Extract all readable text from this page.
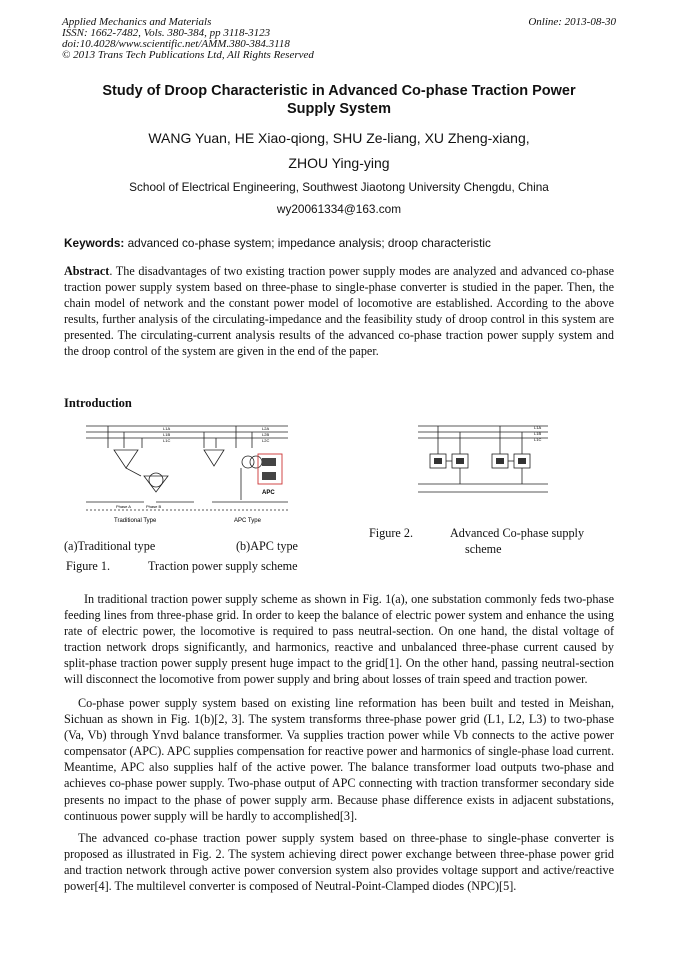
Applied Mechanics and Materials	Online: 2013-08-30
ISSN: 1662-7482, Vols. 380-384, pp 3118-3123
doi:10.4028/www.scientific.net/AMM.380-384.3118
© 2013 Trans Tech Publications Ltd, All Rights Reserved
Study of Droop Characteristic in Advanced Co-phase Traction Power
Supply System
WANG Yuan, HE Xiao-qiong, SHU Ze-liang, XU Zheng-xiang,
ZHOU Ying-ying
School of Electrical Engineering, Southwest Jiaotong University Chengdu, China
wy20061334@163.com
Keywords: advanced co-phase system; impedance analysis; droop characteristic
Abstract. The disadvantages of two existing traction power supply modes are analyzed and advanced co-phase traction power supply system based on three-phase to single-phase converter is studied in the paper. Then, the chain model of network and the constant power model of locomotive are established. According to the above results, further analysis of the circulating-impedance and the feasibility study of droop control in this system are presented. The circulating-current analysis results of the advanced co-phase traction power supply system and the droop control of the system are given in the end of the paper.
Introduction
L1A
L1B
L1C
L2A
L2B
L2C
APC
Phase A	Phase B
Traditional Type	APC Type
(a)Traditional type	(b)APC type
Figure 1.	Traction power supply scheme
L1A
L1B
L1C
Figure 2.	Advanced Co-phase supply
scheme
In traditional traction power supply scheme as shown in Fig. 1(a), one substation commonly feds two-phase feeding lines from three-phase grid. In order to keep the balance of electric power system and enhance the using rate of electric power, the locomotive is required to pass neutral-section. On one hand, the distal voltage of traction network drops significantly, and harmonics, reactive and unbalanced three-phase current caused by split-phase traction power supply present huge impact to the grid[1]. On the other hand, passing neutral-section will disconnect the locomotive from power supply and bring about losses of train speed and traction power.
Co-phase power supply system based on existing line reformation has been built and tested in Meishan, Sichuan as shown in Fig. 1(b)[2, 3]. The system transforms three-phase power grid (L1, L2, L3) to two-phase (Va, Vb) through Ynvd balance transformer. Va supplies traction power while Vb connects to the active power compensator (APC). APC supplies compensation for reactive power and harmonics of single-phase load current. Meantime, APC also supplies half of the active power. The balance transformer load outputs two-phase and achieves co-phase power supply. Two-phase output of APC connecting with traction transformer secondary side presents no impact to the phase of power supply arm. Because phase difference exists in adjacent substations, continuous power supply will be hardly to accomplished[3].
The advanced co-phase traction power supply system based on three-phase to single-phase converter is proposed as illustrated in Fig. 2. The system achieving direct power exchange between three-phase power grid and traction network through active power conversion system also provides voltage support and active/reactive power[4]. The multilevel converter is composed of Neutral-Point-Clamped diodes (NPC)[5].
